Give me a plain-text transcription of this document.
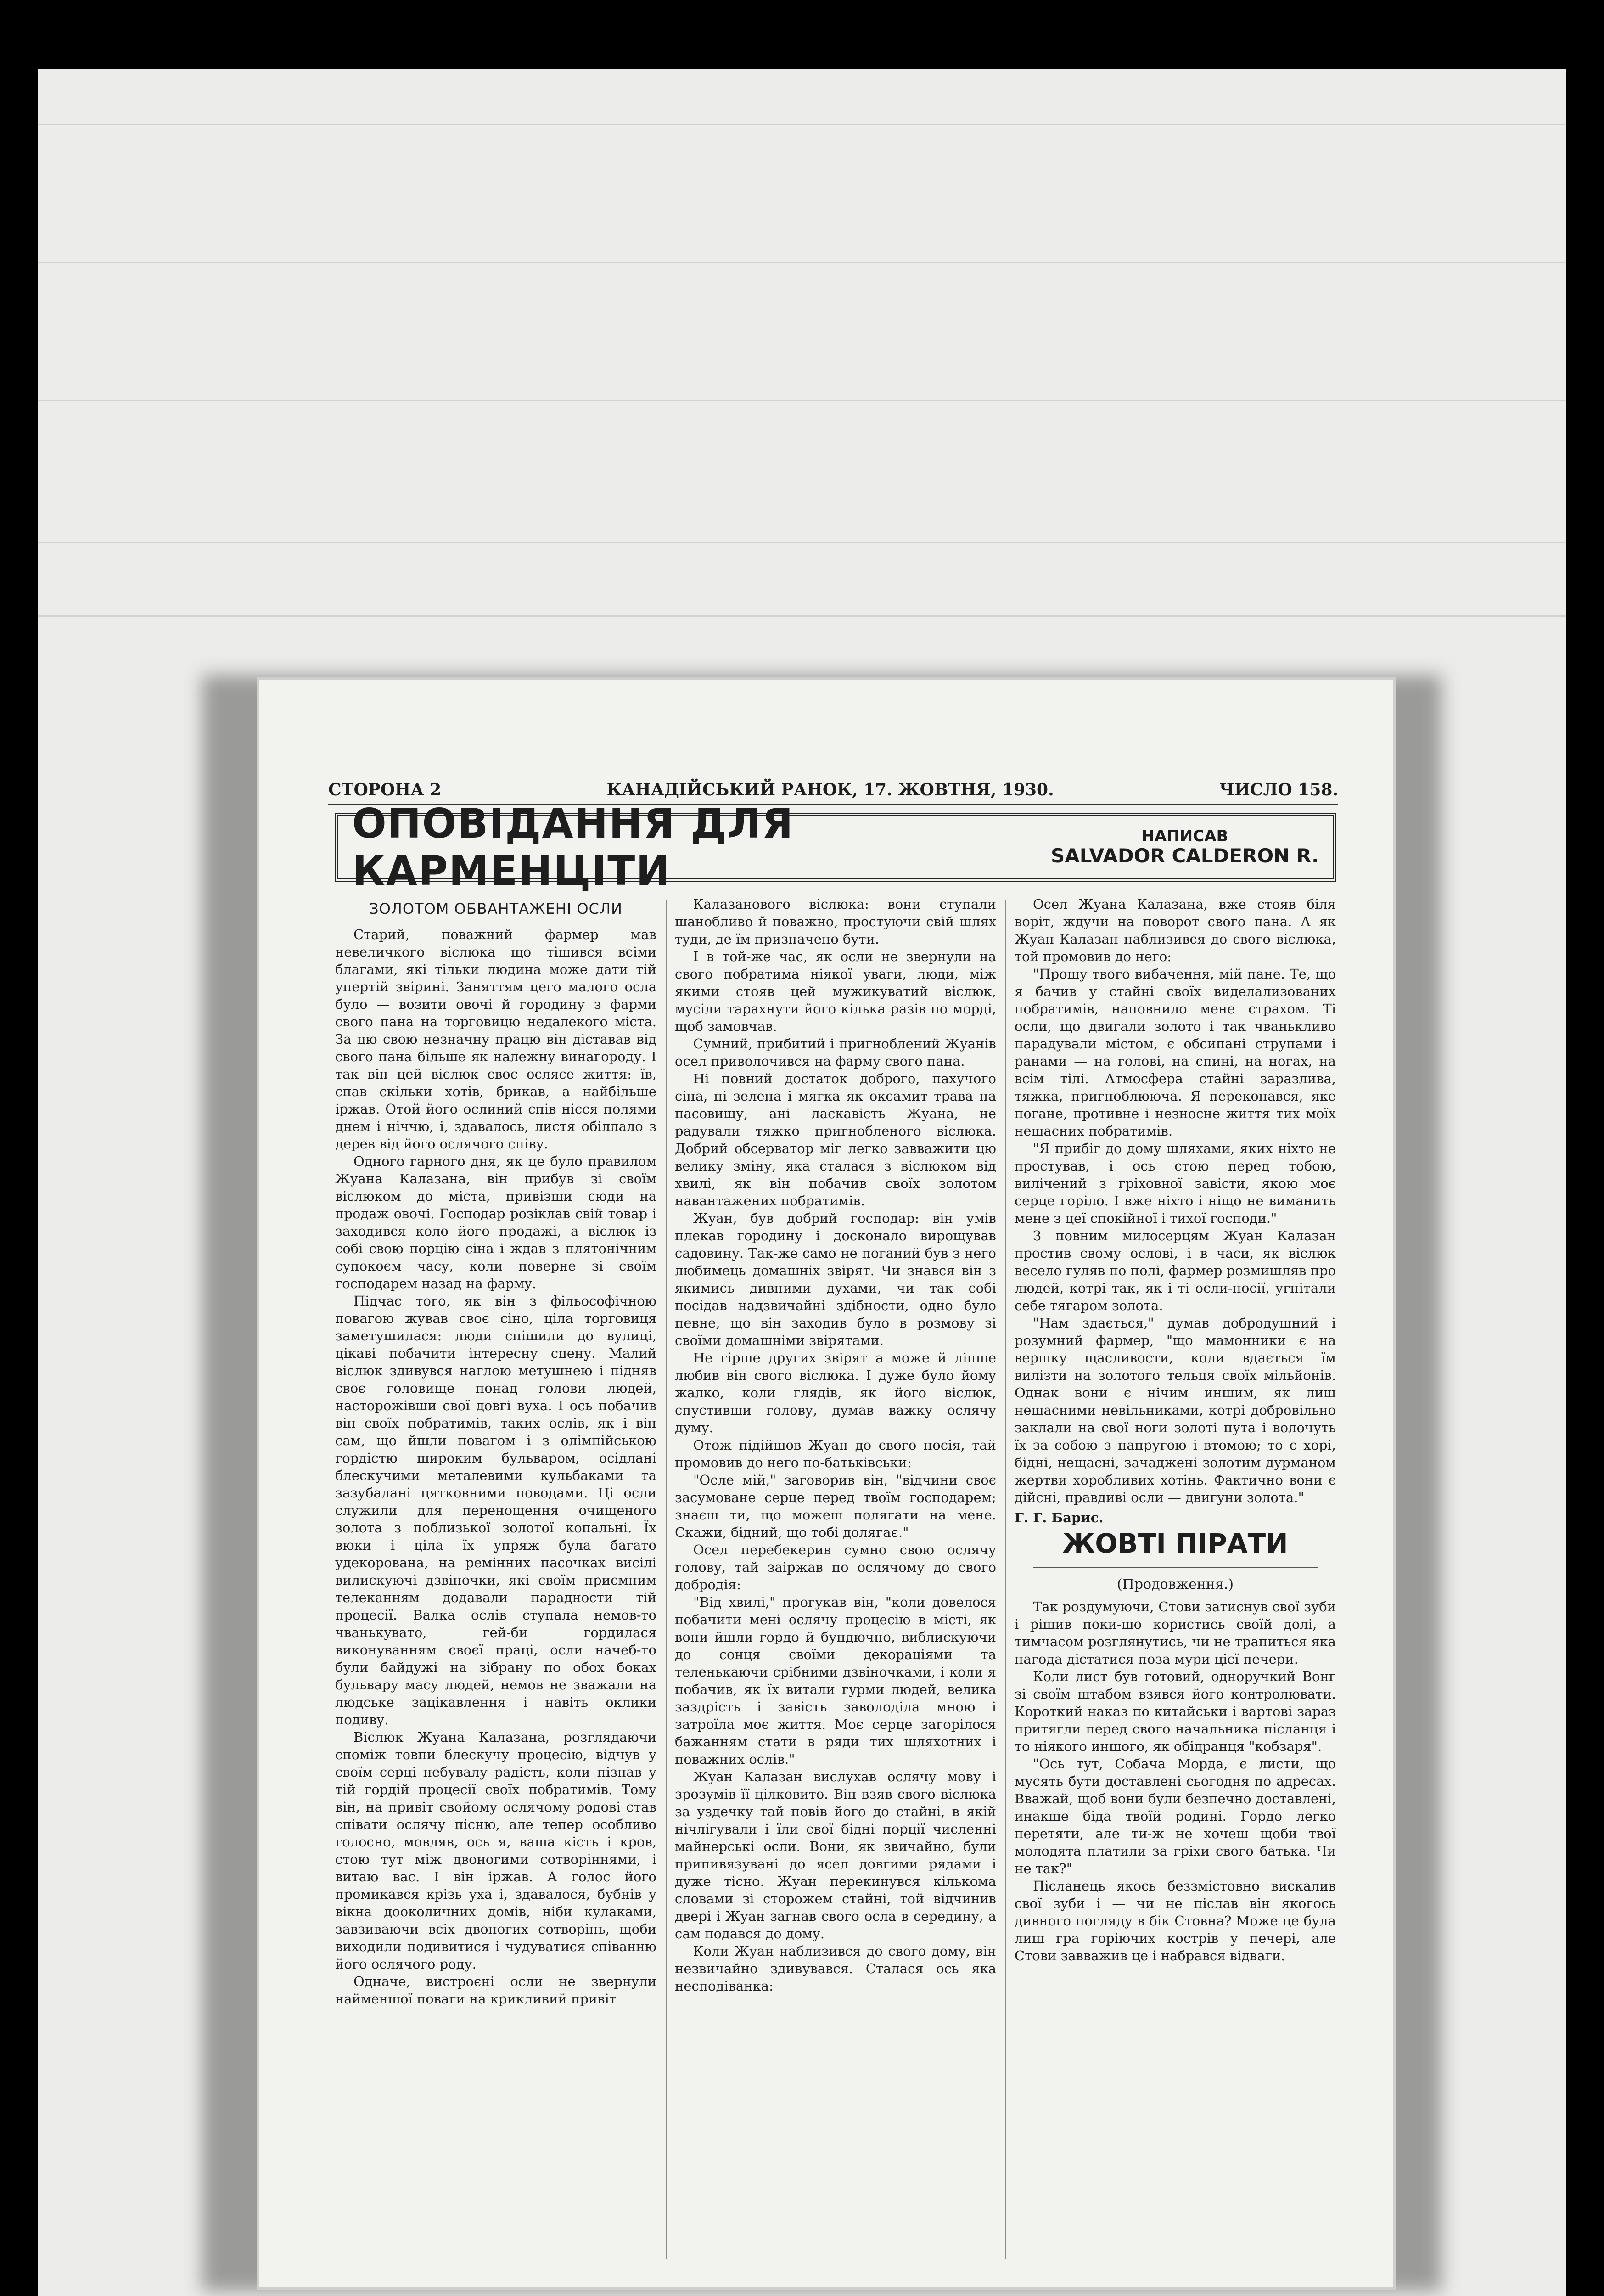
СТОРОНА 2	КАНАДІЙСЬКИЙ РАНОК, 17. ЖОВТНЯ, 1930.	ЧИСЛО 158.
ОПОВІДАННЯ ДЛЯ КАРМЕНЦІТИ
НАПИСАВ
SALVADOR CALDERON R.
ЗОЛОТОМ ОБВАНТАЖЕНІ ОСЛИ

Старий, поважний фармер мав невеличкого віслюка що тішився всіми благами, які тільки людина може дати тій упертій звірині. Заняттям цего малого осла було — возити овочі й городину з фарми свого пана на торговицю недалекого міста. За цю свою незначну працю він діставав від свого пана більше як належну винагороду. І так він цей віслюк своє ослясе життя: їв, спав скільки хотів, брикав, а найбільше іржав. Отой його ослиний спів нісся полями днем і ніччю, і, здавалось, листя обіллало з дерев від його ослячого співу.

Одного гарного дня, як це було правилом Жуана Калазана, він прибув зі своїм віслюком до міста, привізши сюди на продаж овочі. Господар розіклав свій товар і заходився коло його продажі, а віслюк із собі свою порцію сіна і ждав з плятонічним супокоєм часу, коли поверне зі своїм господарем назад на фарму.

Підчас того, як він з фільософічною повагою жував своє сіно, ціла торговиця заметушилася: люди спішили до вулиці, цікаві побачити інтересну сцену. Малий віслюк здивувся наглою метушнею і підняв своє головище понад голови людей, насторожівши свої довгі вуха. І ось побачив він своїх побратимів, таких ослів, як і він сам, що йшли повагом і з олімпійською гордістю широким бульваром, осідлані блескучими металевими кульбаками та зазубалані цятковними поводами. Ці осли служили для перенощення очищеного золота з поблизької золотої копальні. Їх вюки і ціла їх упряж була багато удекорована, на ремінних пасочках висілі вилискуючі дзвіночки, які своїм приємним телеканням додавали парадности тій процесії. Валка ослів ступала немов-то чванькувато, гей-би гордилася виконуванням своєї праці, осли начеб-то були байдужі на зібрану по обох боках бульвару масу людей, немов не зважали на людське зацікавлення і навіть оклики подиву.

Віслюк Жуана Калазана, розглядаючи споміж товпи блескучу процесію, відчув у своїм серці небувалу радість, коли пізнав у тій гордій процесії своїх побратимів. Тому він, на привіт свойому ослячому родові став співати ослячу пісню, але тепер особливо голосно, мовляв, ось я, ваша кість і кров, стою тут між двоногими сотворіннями, і витаю вас. І він іржав. А голос його промикався крізь уха і, здавалося, бубнів у вікна дооколичних домів, ніби кулаками, завзиваючи всіх двоногих сотворінь, щоби виходили подивитися і чудуватися співанню його ослячого роду.

Одначе, вистроєні осли не звернули найменшої поваги на крикливий привіт

Калазанового віслюка: вони ступали шанобливо й поважно, простуючи свій шлях туди, де їм призначено бути.

І в той-же час, як осли не звернули на свого побратима ніякої уваги, люди, між якими стояв цей мужикуватий віслюк, мусіли тарахнути його кілька разів по морді, щоб замовчав.

Сумний, прибитий і пригноблений Жуанів осел приволочився на фарму свого пана.

Ні повний достаток доброго, пахучого сіна, ні зелена і мягка як оксамит трава на пасовищу, ані ласкавість Жуана, не радували тяжко пригнобленого віслюка. Добрий обсерватор міг легко завважити цю велику зміну, яка сталася з віслюком від хвилі, як він побачив своїх золотом навантажених побратимів.

Жуан, був добрий господар: він умів плекав городину і досконало вирощував садовину. Так-же само не поганий був з него любимець домашніх звірят. Чи знався він з якимись дивними духами, чи так собі посідав надзвичайні здібности, одно було певне, що він заходив було в розмову зі своїми домашніми звірятами.

Не гірше других звірят а може й ліпше любив він свого віслюка. І дуже було йому жалко, коли глядів, як його віслюк, спустивши голову, думав важку ослячу думу.

Отож підійшов Жуан до свого носія, тай промовив до него по-батьківськи:

"Осле мій," заговорив він, "відчини своє засумоване серце перед твоїм господарем; знаєш ти, що можеш полягати на мене. Скажи, бідний, що тобі долягає."

Осел перебекерив сумно свою ослячу голову, тай заіржав по ослячому до свого добродія:

"Від хвилі," прогукав він, "коли довелося побачити мені ослячу процесію в місті, як вони йшли гордо й бундючно, виблискуючи до сонця своїми декораціями та теленькаючи срібними дзвіночками, і коли я побачив, як їх витали гурми людей, велика заздрість і завість заволоділа мною і затроїла моє життя. Моє серце загорілося бажанням стати в ряди тих шляхотних і поважних ослів."

Жуан Калазан вислухав ослячу мову і зрозумів її цілковито. Він взяв свого віслюка за уздечку тай повів його до стайні, в якій нічлігували і їли свої бідні порції численні майнерські осли. Вони, як звичайно, були припивязувані до ясел довгими рядами і дуже тісно. Жуан перекинувся кількома словами зі сторожем стайні, той відчинив двері і Жуан загнав свого осла в середину, а сам подався до дому.

Коли Жуан наблизився до свого дому, він незвичайно здивувався. Сталася ось яка несподіванка:

Осел Жуана Калазана, вже стояв біля воріт, ждучи на поворот свого пана. А як Жуан Калазан наблизився до свого віслюка, той промовив до него:

"Прошу твого вибачення, мій пане. Те, що я бачив у стайні своїх виделализованих побратимів, наповнило мене страхом. Ті осли, що двигали золото і так чванькливо парадували містом, є обсипані струпами і ранами — на голові, на спині, на ногах, на всім тілі. Атмосфера стайні заразлива, тяжка, пригноблююча. Я переконався, яке погане, противне і незносне життя тих моїх нещасних побратимів.

"Я прибіг до дому шляхами, яких ніхто не простував, і ось стою перед тобою, вилічений з гріховної завісти, якою моє серце горіло. І вже ніхто і ніщо не виманить мене з цеї спокійної і тихої господи."

З повним милосерцям Жуан Калазан простив свому ослові, і в часи, як віслюк весело гуляв по полі, фармер розмишляв про людей, котрі так, як і ті осли-носії, угнітали себе тягаром золота.

"Нам здається," думав добродушний і розумний фармер, "що мамонники є на вершку щасливости, коли вдається їм вилізти на золотого тельця своїх мільйонів. Однак вони є нічим иншим, як лиш нещасними невільниками, котрі добровільно заклали на свої ноги золоті пута і волочуть їх за собою з напругою і втомою; то є хорі, бідні, нещасні, зачаджені золотим дурманом жертви хоробливих хотінь. Фактично вони є дійсні, правдиві осли — двигуни золота."

Г. Г. Барис.

ЖОВТІ ПІРАТИ
(Продовження.)

Так роздумуючи, Стови затиснув свої зуби і рішив поки-що користись своїй долі, а тимчасом розглянутись, чи не трапиться яка нагода дістатися поза мури цієї печери.

Коли лист був готовий, одноручкий Вонг зі своїм штабом взявся його контролювати. Короткий наказ по китайськи і вартові зараз притягли перед свого начальника післанця і то ніякого иншого, як обідранця "кобзаря".

"Ось тут, Собача Морда, є листи, що мусять бути доставлені сьогодня по адресах. Вважай, щоб вони були безпечно доставлені, инакше біда твоїй родині. Гордо легко перетяти, але ти-ж не хочеш щоби твої молодята платили за гріхи свого батька. Чи не так?"

Післанець якось беззмістовно вискалив свої зуби і — чи не післав він якогось дивного погляду в бік Стовна? Може це була лиш гра горіючих кострів у печері, але Стови завважив це і набрався відваги.
